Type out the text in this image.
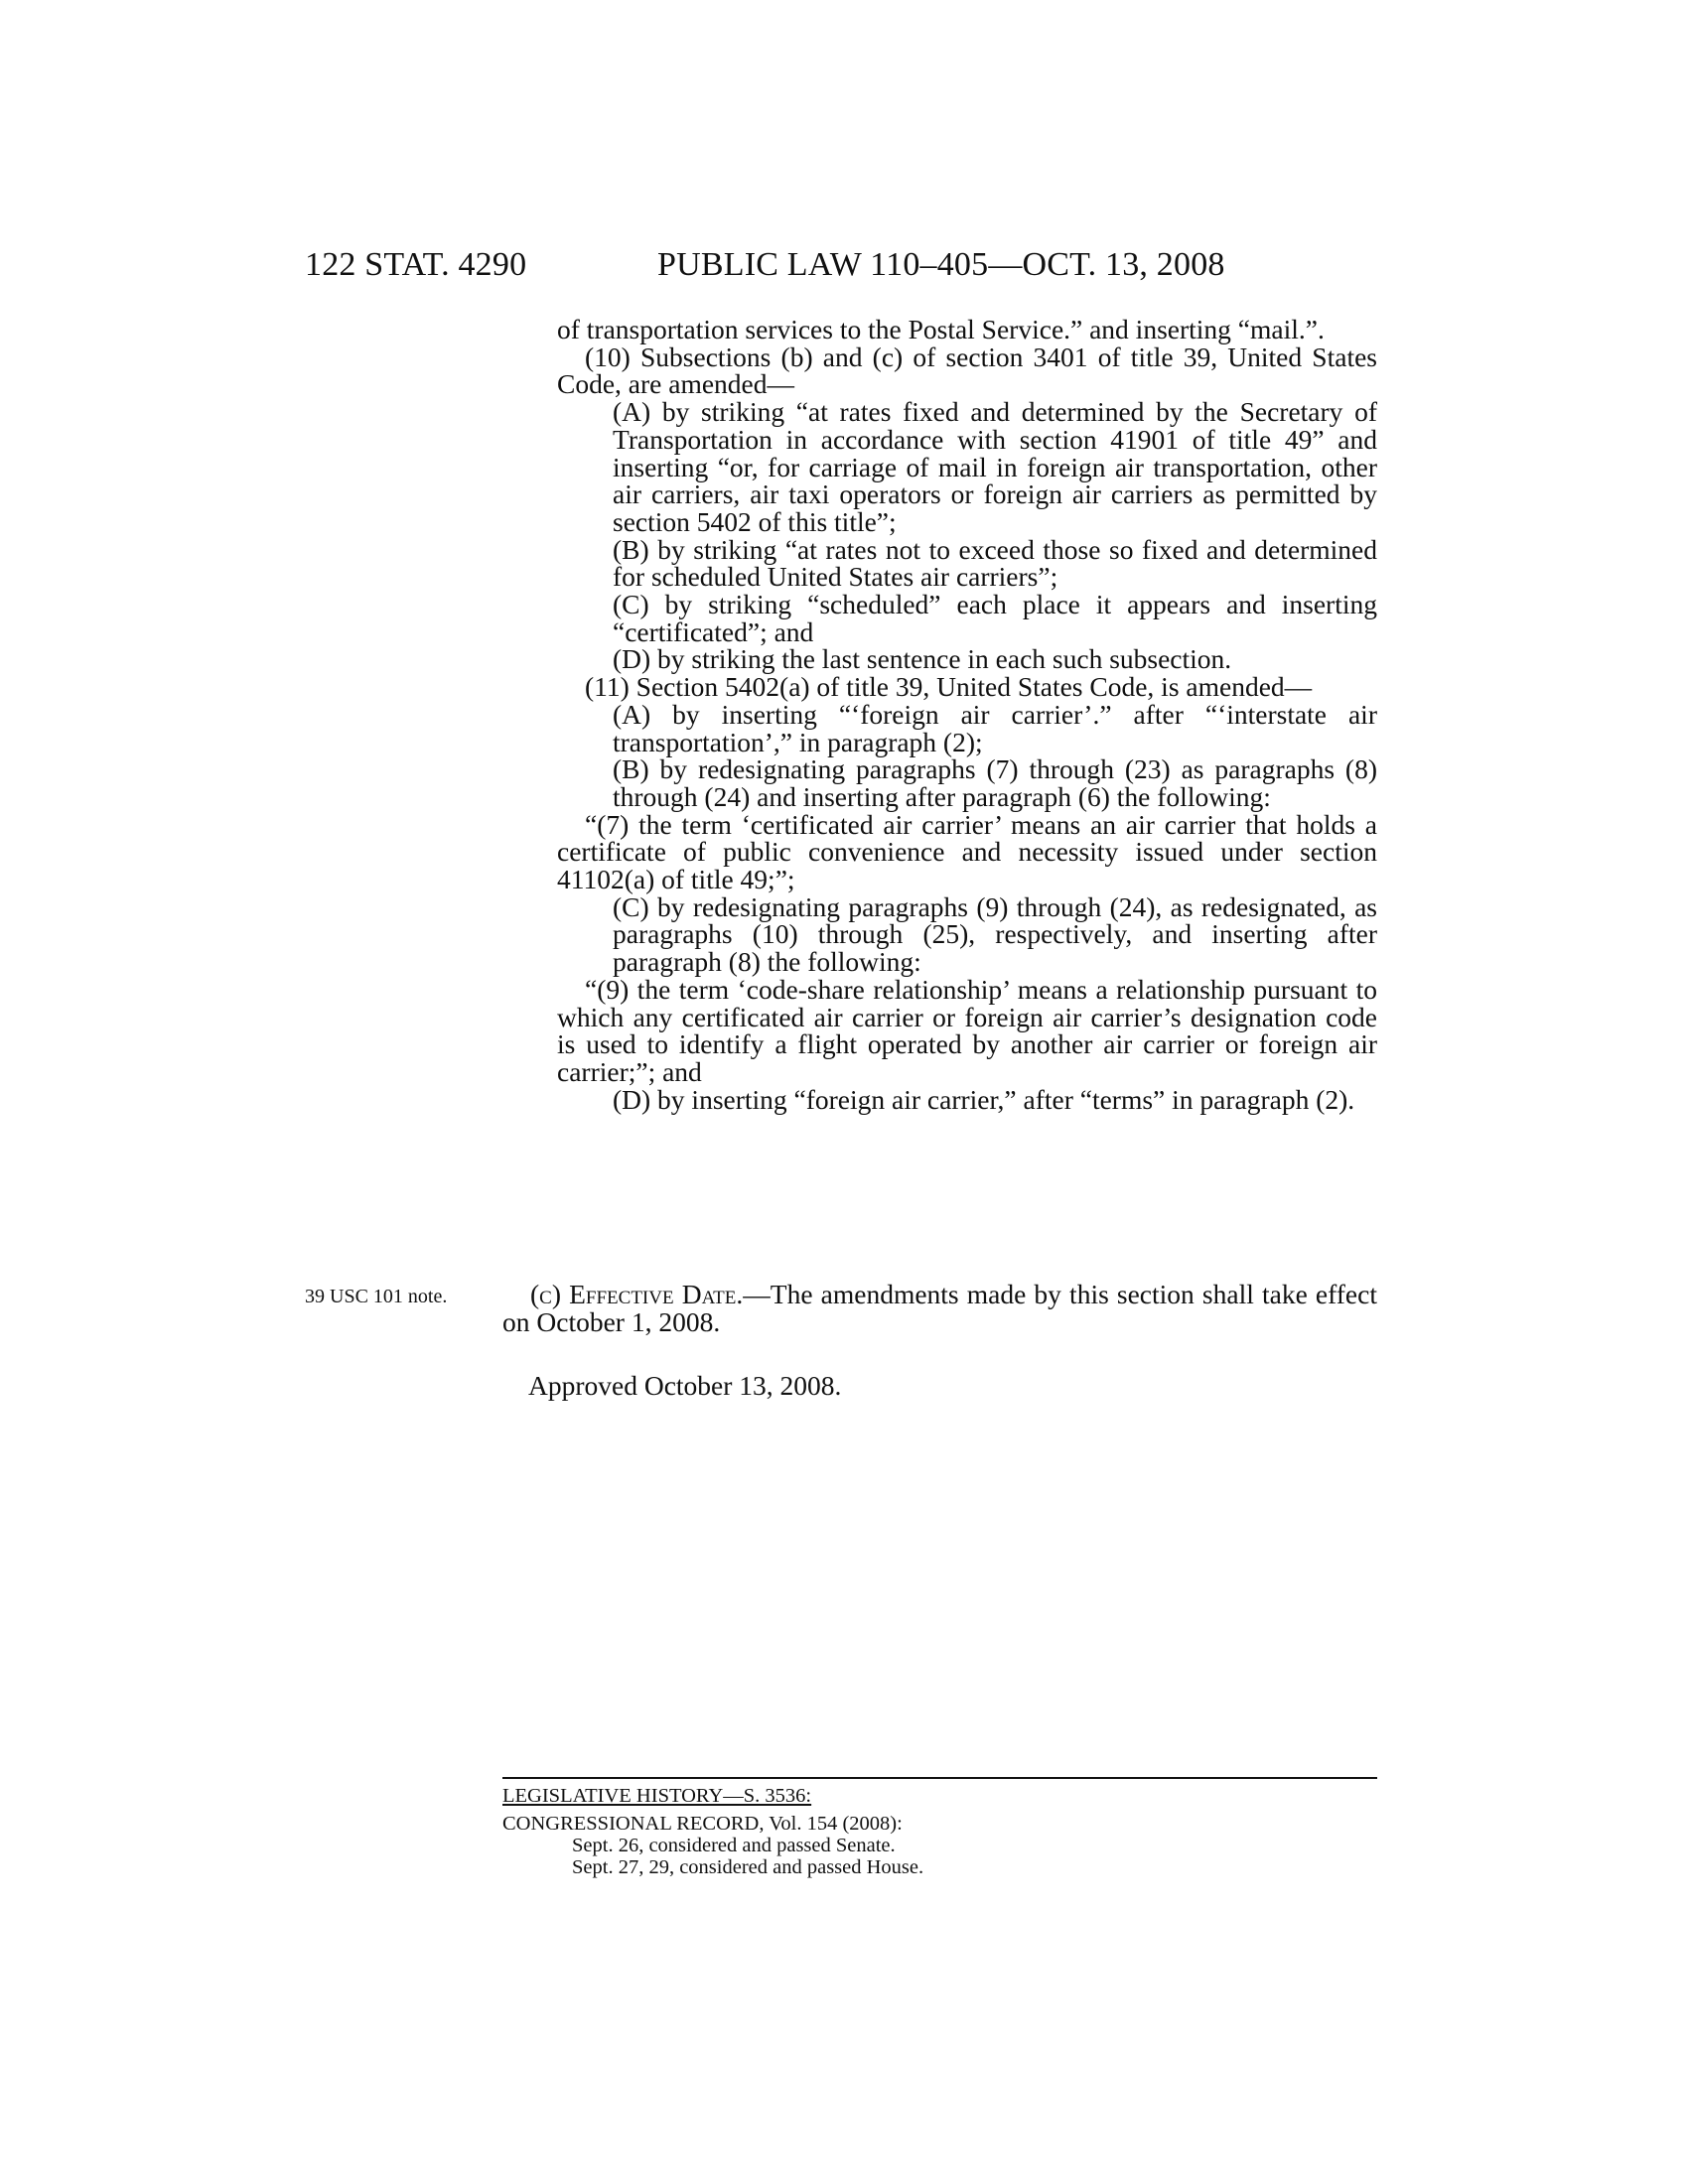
122 STAT. 4290	PUBLIC LAW 110–405—OCT. 13, 2008

of transportation services to the Postal Service.” and inserting “mail.”.

(10) Subsections (b) and (c) of section 3401 of title 39, United States Code, are amended—

(A) by striking “at rates fixed and determined by the Secretary of Transportation in accordance with section 41901 of title 49” and inserting “or, for carriage of mail in foreign air transportation, other air carriers, air taxi operators or foreign air carriers as permitted by section 5402 of this title”;

(B) by striking “at rates not to exceed those so fixed and determined for scheduled United States air carriers”;

(C) by striking “scheduled” each place it appears and inserting “certificated”; and

(D) by striking the last sentence in each such subsection.

(11) Section 5402(a) of title 39, United States Code, is amended—

(A) by inserting “‘foreign air carrier’.” after “‘interstate air transportation’,” in paragraph (2);

(B) by redesignating paragraphs (7) through (23) as paragraphs (8) through (24) and inserting after paragraph (6) the following:

“(7) the term ‘certificated air carrier’ means an air carrier that holds a certificate of public convenience and necessity issued under section 41102(a) of title 49;”;

(C) by redesignating paragraphs (9) through (24), as redesignated, as paragraphs (10) through (25), respectively, and inserting after paragraph (8) the following:

“(9) the term ‘code-share relationship’ means a relationship pursuant to which any certificated air carrier or foreign air carrier’s designation code is used to identify a flight operated by another air carrier or foreign air carrier;”; and

(D) by inserting “foreign air carrier,” after “terms” in paragraph (2).

39 USC 101 note.	(c) Effective Date.—The amendments made by this section shall take effect on October 1, 2008.

Approved October 13, 2008.
LEGISLATIVE HISTORY—S. 3536:
CONGRESSIONAL RECORD, Vol. 154 (2008):
Sept. 26, considered and passed Senate.
Sept. 27, 29, considered and passed House.
